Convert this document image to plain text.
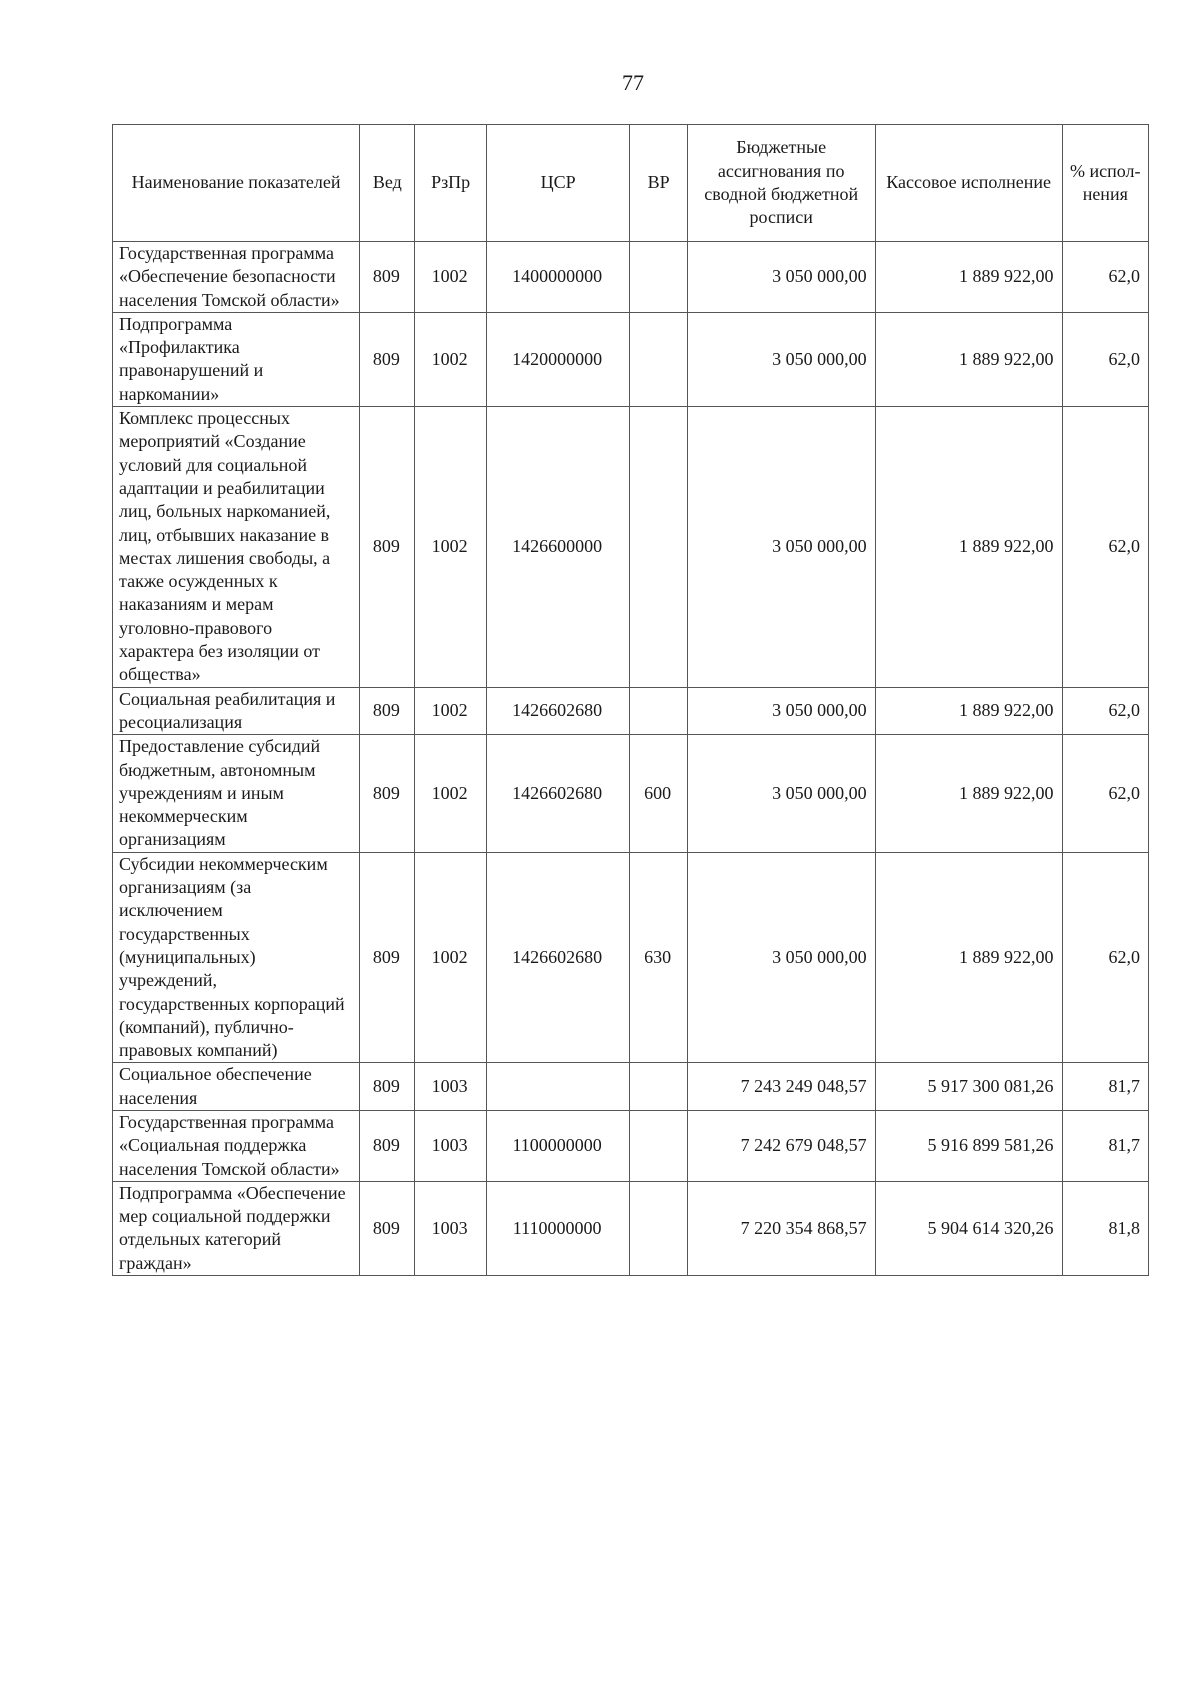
77
Наименование показателей	Вед	РзПр	ЦСР	ВР	Бюджетные ассигнования по сводной бюджетной росписи	Кассовое исполнение	% испол-нения
Государственная программа «Обеспечение безопасности населения Томской области»	809	1002	1400000000		3 050 000,00	1 889 922,00	62,0
Подпрограмма «Профилактика правонарушений и наркомании»	809	1002	1420000000		3 050 000,00	1 889 922,00	62,0
Комплекс процессных мероприятий «Создание условий для социальной адаптации и реабилитации лиц, больных наркоманией, лиц, отбывших наказание в местах лишения свободы, а также осужденных к наказаниям и мерам уголовно-правового характера без изоляции от общества»	809	1002	1426600000		3 050 000,00	1 889 922,00	62,0
Социальная реабилитация и ресоциализация	809	1002	1426602680		3 050 000,00	1 889 922,00	62,0
Предоставление субсидий бюджетным, автономным учреждениям и иным некоммерческим организациям	809	1002	1426602680	600	3 050 000,00	1 889 922,00	62,0
Субсидии некоммерческим организациям (за исключением государственных (муниципальных) учреждений, государственных корпораций (компаний), публично-правовых компаний)	809	1002	1426602680	630	3 050 000,00	1 889 922,00	62,0
Социальное обеспечение населения	809	1003			7 243 249 048,57	5 917 300 081,26	81,7
Государственная программа «Социальная поддержка населения Томской области»	809	1003	1100000000		7 242 679 048,57	5 916 899 581,26	81,7
Подпрограмма «Обеспечение мер социальной поддержки отдельных категорий граждан»	809	1003	1110000000		7 220 354 868,57	5 904 614 320,26	81,8
